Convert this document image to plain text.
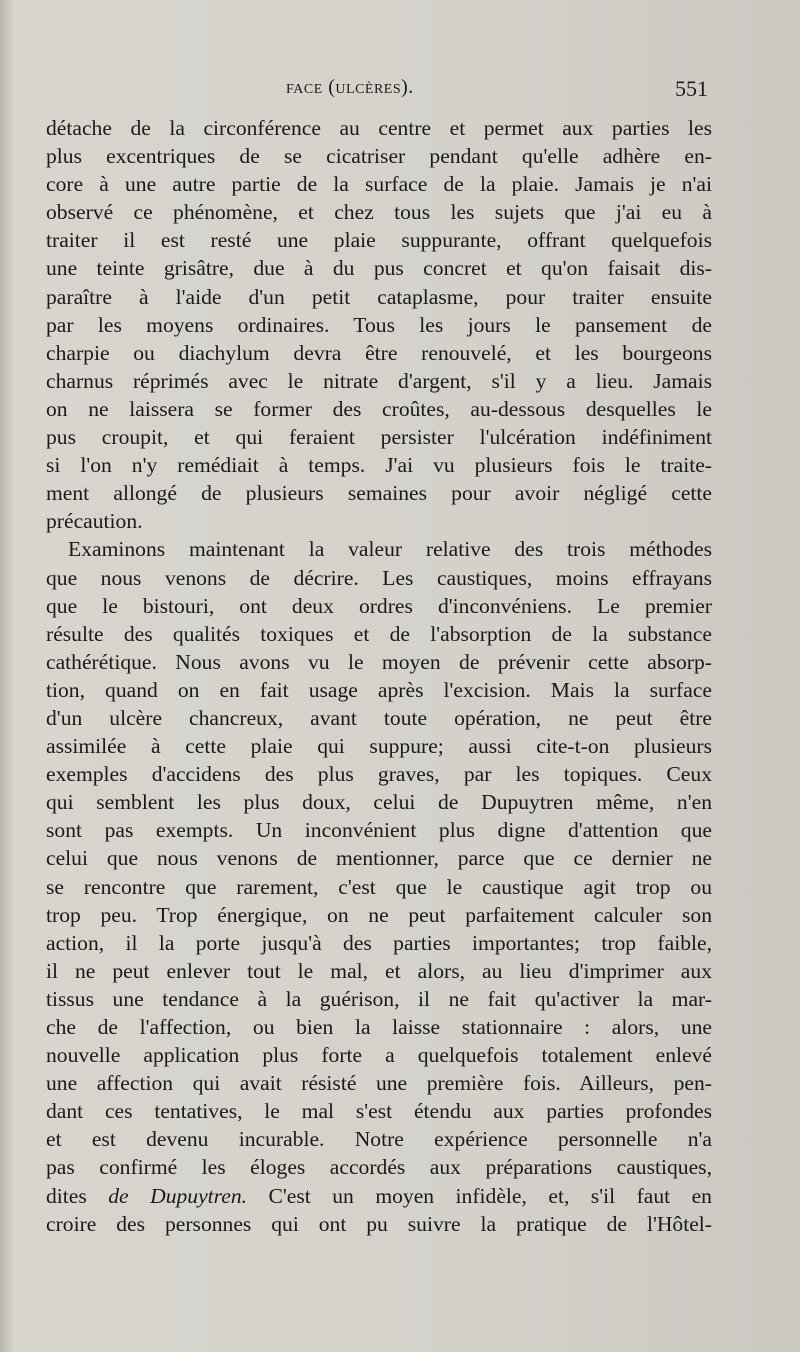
face (ulcères).	551

détache de la circonférence au centre et permet aux parties les
plus excentriques de se cicatriser pendant qu'elle adhère en-
core à une autre partie de la surface de la plaie. Jamais je n'ai
observé ce phénomène, et chez tous les sujets que j'ai eu à
traiter il est resté une plaie suppurante, offrant quelquefois
une teinte grisâtre, due à du pus concret et qu'on faisait dis-
paraître à l'aide d'un petit cataplasme, pour traiter ensuite
par les moyens ordinaires. Tous les jours le pansement de
charpie ou diachylum devra être renouvelé, et les bourgeons
charnus réprimés avec le nitrate d'argent, s'il y a lieu. Jamais
on ne laissera se former des croûtes, au-dessous desquelles le
pus croupit, et qui feraient persister l'ulcération indéfiniment
si l'on n'y remédiait à temps. J'ai vu plusieurs fois le traite-
ment allongé de plusieurs semaines pour avoir négligé cette
précaution.

Examinons maintenant la valeur relative des trois méthodes
que nous venons de décrire. Les caustiques, moins effrayans
que le bistouri, ont deux ordres d'inconvéniens. Le premier
résulte des qualités toxiques et de l'absorption de la substance
cathérétique. Nous avons vu le moyen de prévenir cette absorp-
tion, quand on en fait usage après l'excision. Mais la surface
d'un ulcère chancreux, avant toute opération, ne peut être
assimilée à cette plaie qui suppure; aussi cite-t-on plusieurs
exemples d'accidens des plus graves, par les topiques. Ceux
qui semblent les plus doux, celui de Dupuytren même, n'en
sont pas exempts. Un inconvénient plus digne d'attention que
celui que nous venons de mentionner, parce que ce dernier ne
se rencontre que rarement, c'est que le caustique agit trop ou
trop peu. Trop énergique, on ne peut parfaitement calculer son
action, il la porte jusqu'à des parties importantes; trop faible,
il ne peut enlever tout le mal, et alors, au lieu d'imprimer aux
tissus une tendance à la guérison, il ne fait qu'activer la mar-
che de l'affection, ou bien la laisse stationnaire : alors, une
nouvelle application plus forte a quelquefois totalement enlevé
une affection qui avait résisté une première fois. Ailleurs, pen-
dant ces tentatives, le mal s'est étendu aux parties profondes
et est devenu incurable. Notre expérience personnelle n'a
pas confirmé les éloges accordés aux préparations caustiques,
dites de Dupuytren. C'est un moyen infidèle, et, s'il faut en
croire des personnes qui ont pu suivre la pratique de l'Hôtel-
